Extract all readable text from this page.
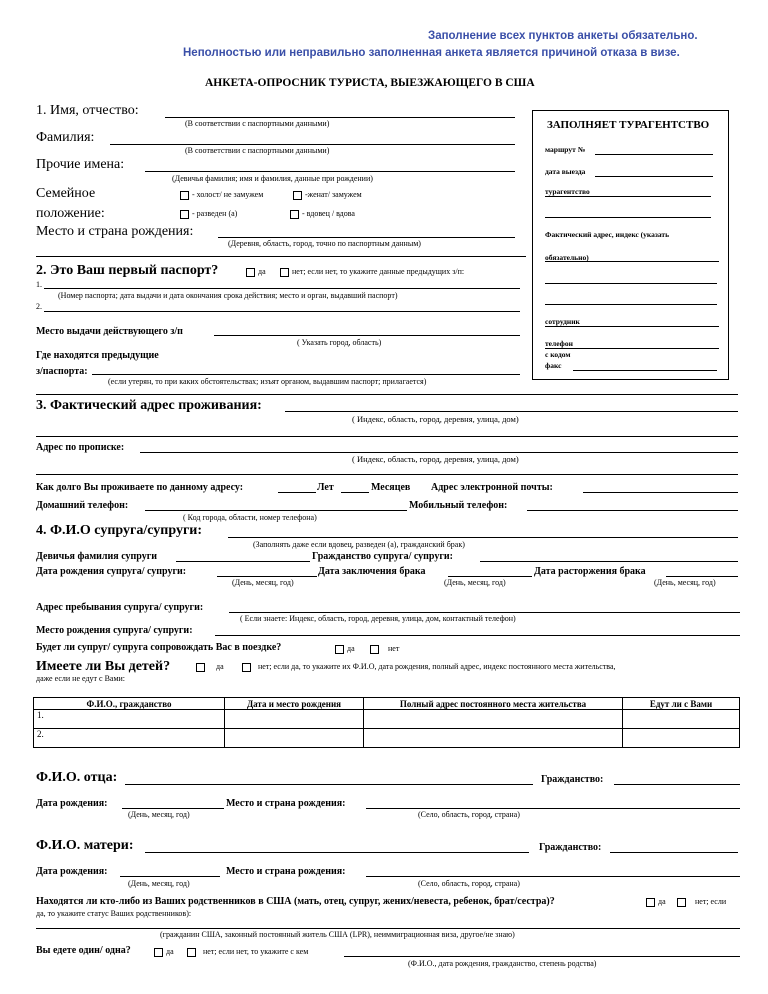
Заполнение всех пунктов анкеты обязательно.
Неполностью или неправильно заполненная анкета является причиной отказа в визе.
АНКЕТА-ОПРОСНИК ТУРИСТА, ВЫЕЗЖАЮЩЕГО В США
ЗАПОЛНЯЕТ ТУРАГЕНТСТВО
маршрут №
дата выезда
турагентство
Фактический адрес, индекс (указать
обязательно)
сотрудник
телефон
с кодом
факс
1. Имя, отчество:
(В соответствии с паспортными данными)
Фамилия:
(В соответствии с паспортными данными)
Прочие имена:
(Девичья фамилия; имя и фамилия, данные при рождении)
Семейное
положение:
- холост/ не замужем	-женат/ замужем
- разведен (а)	- вдовец / вдова
Место и страна рождения:
(Деревня, область, город, точно по паспортным данным)
2. Это Ваш первый паспорт?	да	нет; если нет, то укажите данные предыдущих з/п:
1.
(Номер паспорта; дата выдачи и дата окончания срока действия; место и орган, выдавший паспорт)
2.
Место выдачи действующего з/п
( Указать город, область)
Где находятся предыдущие
з/паспорта:
(если утерян, то при каких обстоятельствах; изъят органом, выдавшим паспорт; прилагается)
3. Фактический адрес проживания:
( Индекс, область, город, деревня, улица, дом)
Адрес по прописке:
( Индекс, область, город, деревня, улица, дом)
Как долго Вы проживаете по данному адресу:	Лет	Месяцев Адрес электронной почты:
Домашний телефон:	Мобильный телефон:
( Код города, области, номер телефона)
4. Ф.И.О супруга/супруги:
(Заполнять даже если вдовец, разведен (а), гражданский брак)
Девичья фамилия супруги	Гражданство супруга/ супруги:
Дата рождения супруга/ супруги:	Дата заключения брака	Дата расторжения брака
(День, месяц, год)	(День, месяц, год)	(День, месяц, год)
Адрес пребывания супруга/ супруги:
( Если знаете: Индекс, область, город, деревня, улица, дом, контактный телефон)
Место рождения супруга/ супруги:
Будет ли супруг/ супруга сопровождать Вас в поездке?	да	нет
Имеете ли Вы детей?	да	нет; если да, то укажите их Ф.И.О, дата рождения, полный адрес, индекс постоянного места жительства,
даже если не едут с Вами:
Ф.И.О., гражданство	Дата и место рождения	Полный адрес постоянного места жительства	Едут ли с Вами
1.			
2.			
Ф.И.О. отца:	Гражданство:
Дата рождения:	Место и страна рождения:
(День, месяц, год)	(Село, область, город, страна)
Ф.И.О. матери:	Гражданство:
Дата рождения:	Место и страна рождения:
(День, месяц, год)	(Село, область, город, страна)
Находятся ли кто-либо из Ваших родственников в США (мать, отец, супруг, жених/невеста, ребенок, брат/сестра)?	да	нет; если
да, то укажите статус Ваших родственников):
(гражданин США, законный постоянный житель США (LPR), неиммиграционная виза, другое/не знаю)
Вы едете один/ одна?	да	нет; если нет, то укажите с кем
(Ф.И.О., дата рождения, гражданство, степень родства)
